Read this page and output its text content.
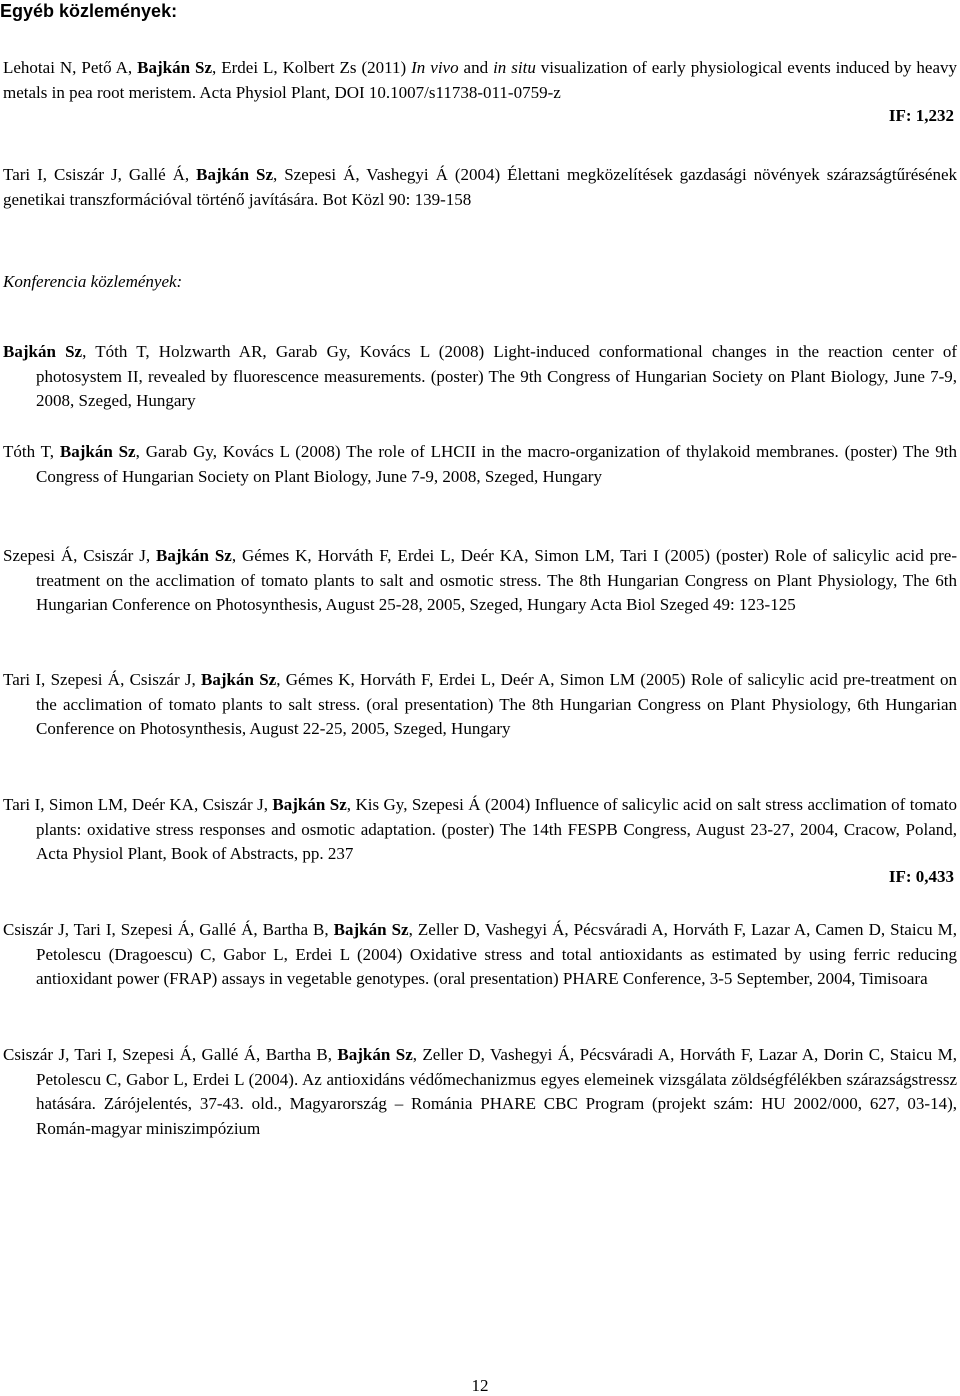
Egyéb közlemények:

Lehotai N, Pető A, Bajkán Sz, Erdei L, Kolbert Zs (2011) In vivo and in situ visualization of early physiological events induced by heavy metals in pea root meristem. Acta Physiol Plant, DOI 10.1007/s11738-011-0759-z

IF: 1,232

Tari I, Csiszár J, Gallé Á, Bajkán Sz, Szepesi Á, Vashegyi Á (2004) Élettani megközelítések gazdasági növények szárazságtűrésének genetikai transzformációval történő javítására. Bot Közl 90: 139-158

Konferencia közlemények:

Bajkán Sz, Tóth T, Holzwarth AR, Garab Gy, Kovács L (2008) Light-induced conformational changes in the reaction center of photosystem II, revealed by fluorescence measurements. (poster) The 9th Congress of Hungarian Society on Plant Biology, June 7-9, 2008, Szeged, Hungary

Tóth T, Bajkán Sz, Garab Gy, Kovács L (2008) The role of LHCII in the macro-organization of thylakoid membranes. (poster) The 9th Congress of Hungarian Society on Plant Biology, June 7-9, 2008, Szeged, Hungary

Szepesi Á, Csiszár J, Bajkán Sz, Gémes K, Horváth F, Erdei L, Deér KA, Simon LM, Tari I (2005) (poster) Role of salicylic acid pre-treatment on the acclimation of tomato plants to salt and osmotic stress. The 8th Hungarian Congress on Plant Physiology, The 6th Hungarian Conference on Photosynthesis, August 25-28, 2005, Szeged, Hungary Acta Biol Szeged 49: 123-125

Tari I, Szepesi Á, Csiszár J, Bajkán Sz, Gémes K, Horváth F, Erdei L, Deér A, Simon LM (2005) Role of salicylic acid pre-treatment on the acclimation of tomato plants to salt stress. (oral presentation) The 8th Hungarian Congress on Plant Physiology, 6th Hungarian Conference on Photosynthesis, August 22-25, 2005, Szeged, Hungary

Tari I, Simon LM, Deér KA, Csiszár J, Bajkán Sz, Kis Gy, Szepesi Á (2004) Influence of salicylic acid on salt stress acclimation of tomato plants: oxidative stress responses and osmotic adaptation. (poster) The 14th FESPB Congress, August 23-27, 2004, Cracow, Poland, Acta Physiol Plant, Book of Abstracts, pp. 237

IF: 0,433

Csiszár J, Tari I, Szepesi Á, Gallé Á, Bartha B, Bajkán Sz, Zeller D, Vashegyi Á, Pécsváradi A, Horváth F, Lazar A, Camen D, Staicu M, Petolescu (Dragoescu) C, Gabor L, Erdei L (2004) Oxidative stress and total antioxidants as estimated by using ferric reducing antioxidant power (FRAP) assays in vegetable genotypes. (oral presentation) PHARE Conference, 3-5 September, 2004, Timisoara

Csiszár J, Tari I, Szepesi Á, Gallé Á, Bartha B, Bajkán Sz, Zeller D, Vashegyi Á, Pécsváradi A, Horváth F, Lazar A, Dorin C, Staicu M, Petolescu C, Gabor L, Erdei L (2004). Az antioxidáns védőmechanizmus egyes elemeinek vizsgálata zöldségfélékben szárazságstressz hatására. Zárójelentés, 37-43. old., Magyarország – Románia PHARE CBC Program (projekt szám: HU 2002/000, 627, 03-14), Román-magyar miniszimpózium

12
